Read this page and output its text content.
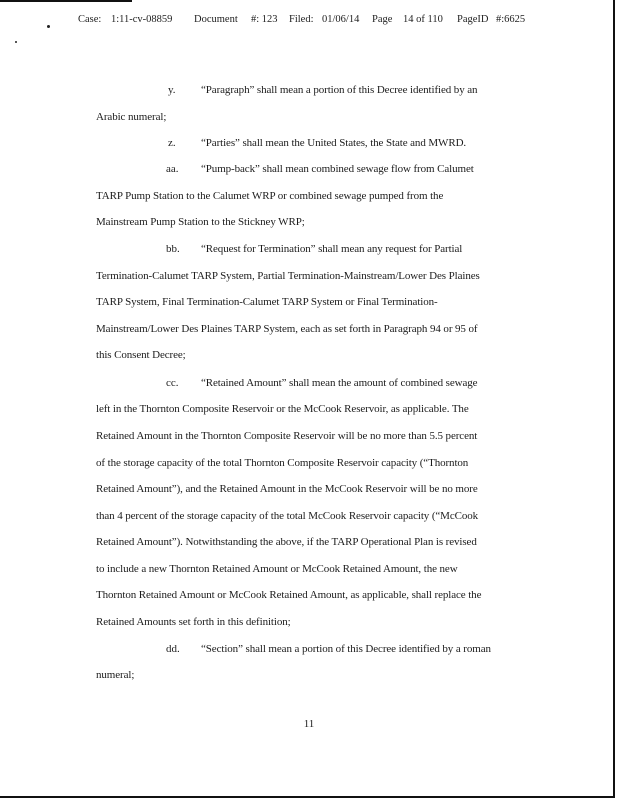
Case: 1:11-cv-08859 Document #: 123 Filed: 01/06/14 Page 14 of 110 PageID #:6625
y. “Paragraph” shall mean a portion of this Decree identified by an
Arabic numeral;
z. “Parties” shall mean the United States, the State and MWRD.
aa. “Pump-back” shall mean combined sewage flow from Calumet
TARP Pump Station to the Calumet WRP or combined sewage pumped from the
Mainstream Pump Station to the Stickney WRP;
bb. “Request for Termination” shall mean any request for Partial
Termination-Calumet TARP System, Partial Termination-Mainstream/Lower Des Plaines
TARP System, Final Termination-Calumet TARP System or Final Termination-
Mainstream/Lower Des Plaines TARP System, each as set forth in Paragraph 94 or 95 of
this Consent Decree;
cc. “Retained Amount” shall mean the amount of combined sewage
left in the Thornton Composite Reservoir or the McCook Reservoir, as applicable. The
Retained Amount in the Thornton Composite Reservoir will be no more than 5.5 percent
of the storage capacity of the total Thornton Composite Reservoir capacity (“Thornton
Retained Amount”), and the Retained Amount in the McCook Reservoir will be no more
than 4 percent of the storage capacity of the total McCook Reservoir capacity (“McCook
Retained Amount”). Notwithstanding the above, if the TARP Operational Plan is revised
to include a new Thornton Retained Amount or McCook Retained Amount, the new
Thornton Retained Amount or McCook Retained Amount, as applicable, shall replace the
Retained Amounts set forth in this definition;
dd. “Section” shall mean a portion of this Decree identified by a roman
numeral;
11
